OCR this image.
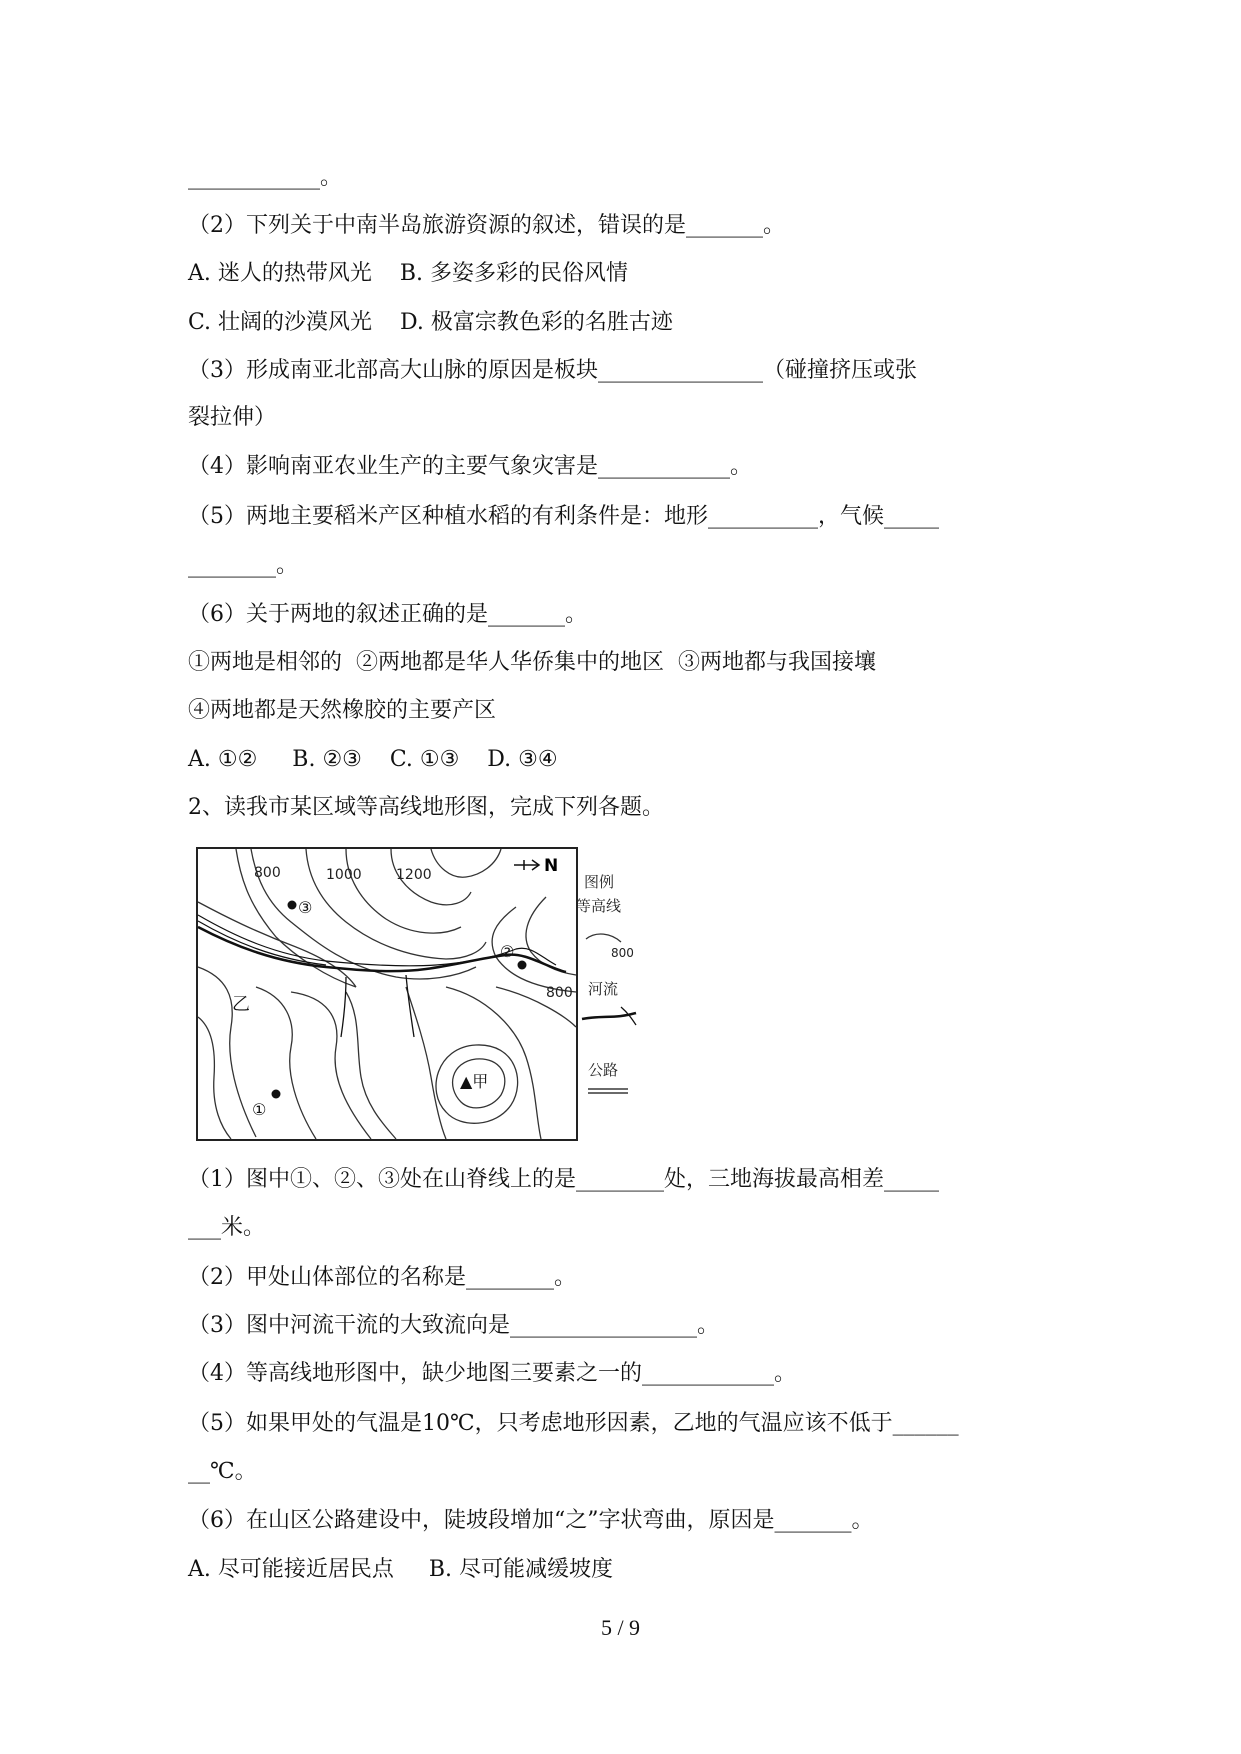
____________。
（2）下列关于中南半岛旅游资源的叙述，错误的是_______。
A. 迷人的热带风光    B. 多姿多彩的民俗风情
C. 壮阔的沙漠风光    D. 极富宗教色彩的名胜古迹
（3）形成南亚北部高大山脉的原因是板块_______________（碰撞挤压或张
裂拉伸）
（4）影响南亚农业生产的主要气象灾害是____________。
（5）两地主要稻米产区种植水稻的有利条件是：地形__________，气候_____
________。
（6）关于两地的叙述正确的是_______。
①两地是相邻的  ②两地都是华人华侨集中的地区  ③两地都与我国接壤
④两地都是天然橡胶的主要产区
A. ①②     B. ②③    C. ①③    D. ③④
2、读我市某区域等高线地形图，完成下列各题。
800	1000 1200
800
N
图例
等高线
800
河流
公路
③
②
①
▲甲
乙
（1）图中①、②、③处在山脊线上的是________处，三地海拔最高相差_____
___米。
（2）甲处山体部位的名称是________。
（3）图中河流干流的大致流向是_________________。
（4）等高线地形图中，缺少地图三要素之一的____________。
（5）如果甲处的气温是10℃，只考虑地形因素，乙地的气温应该不低于______
__℃。
（6）在山区公路建设中，陡坡段增加“之”字状弯曲，原因是_______。
A. 尽可能接近居民点     B. 尽可能减缓坡度
5 / 9
